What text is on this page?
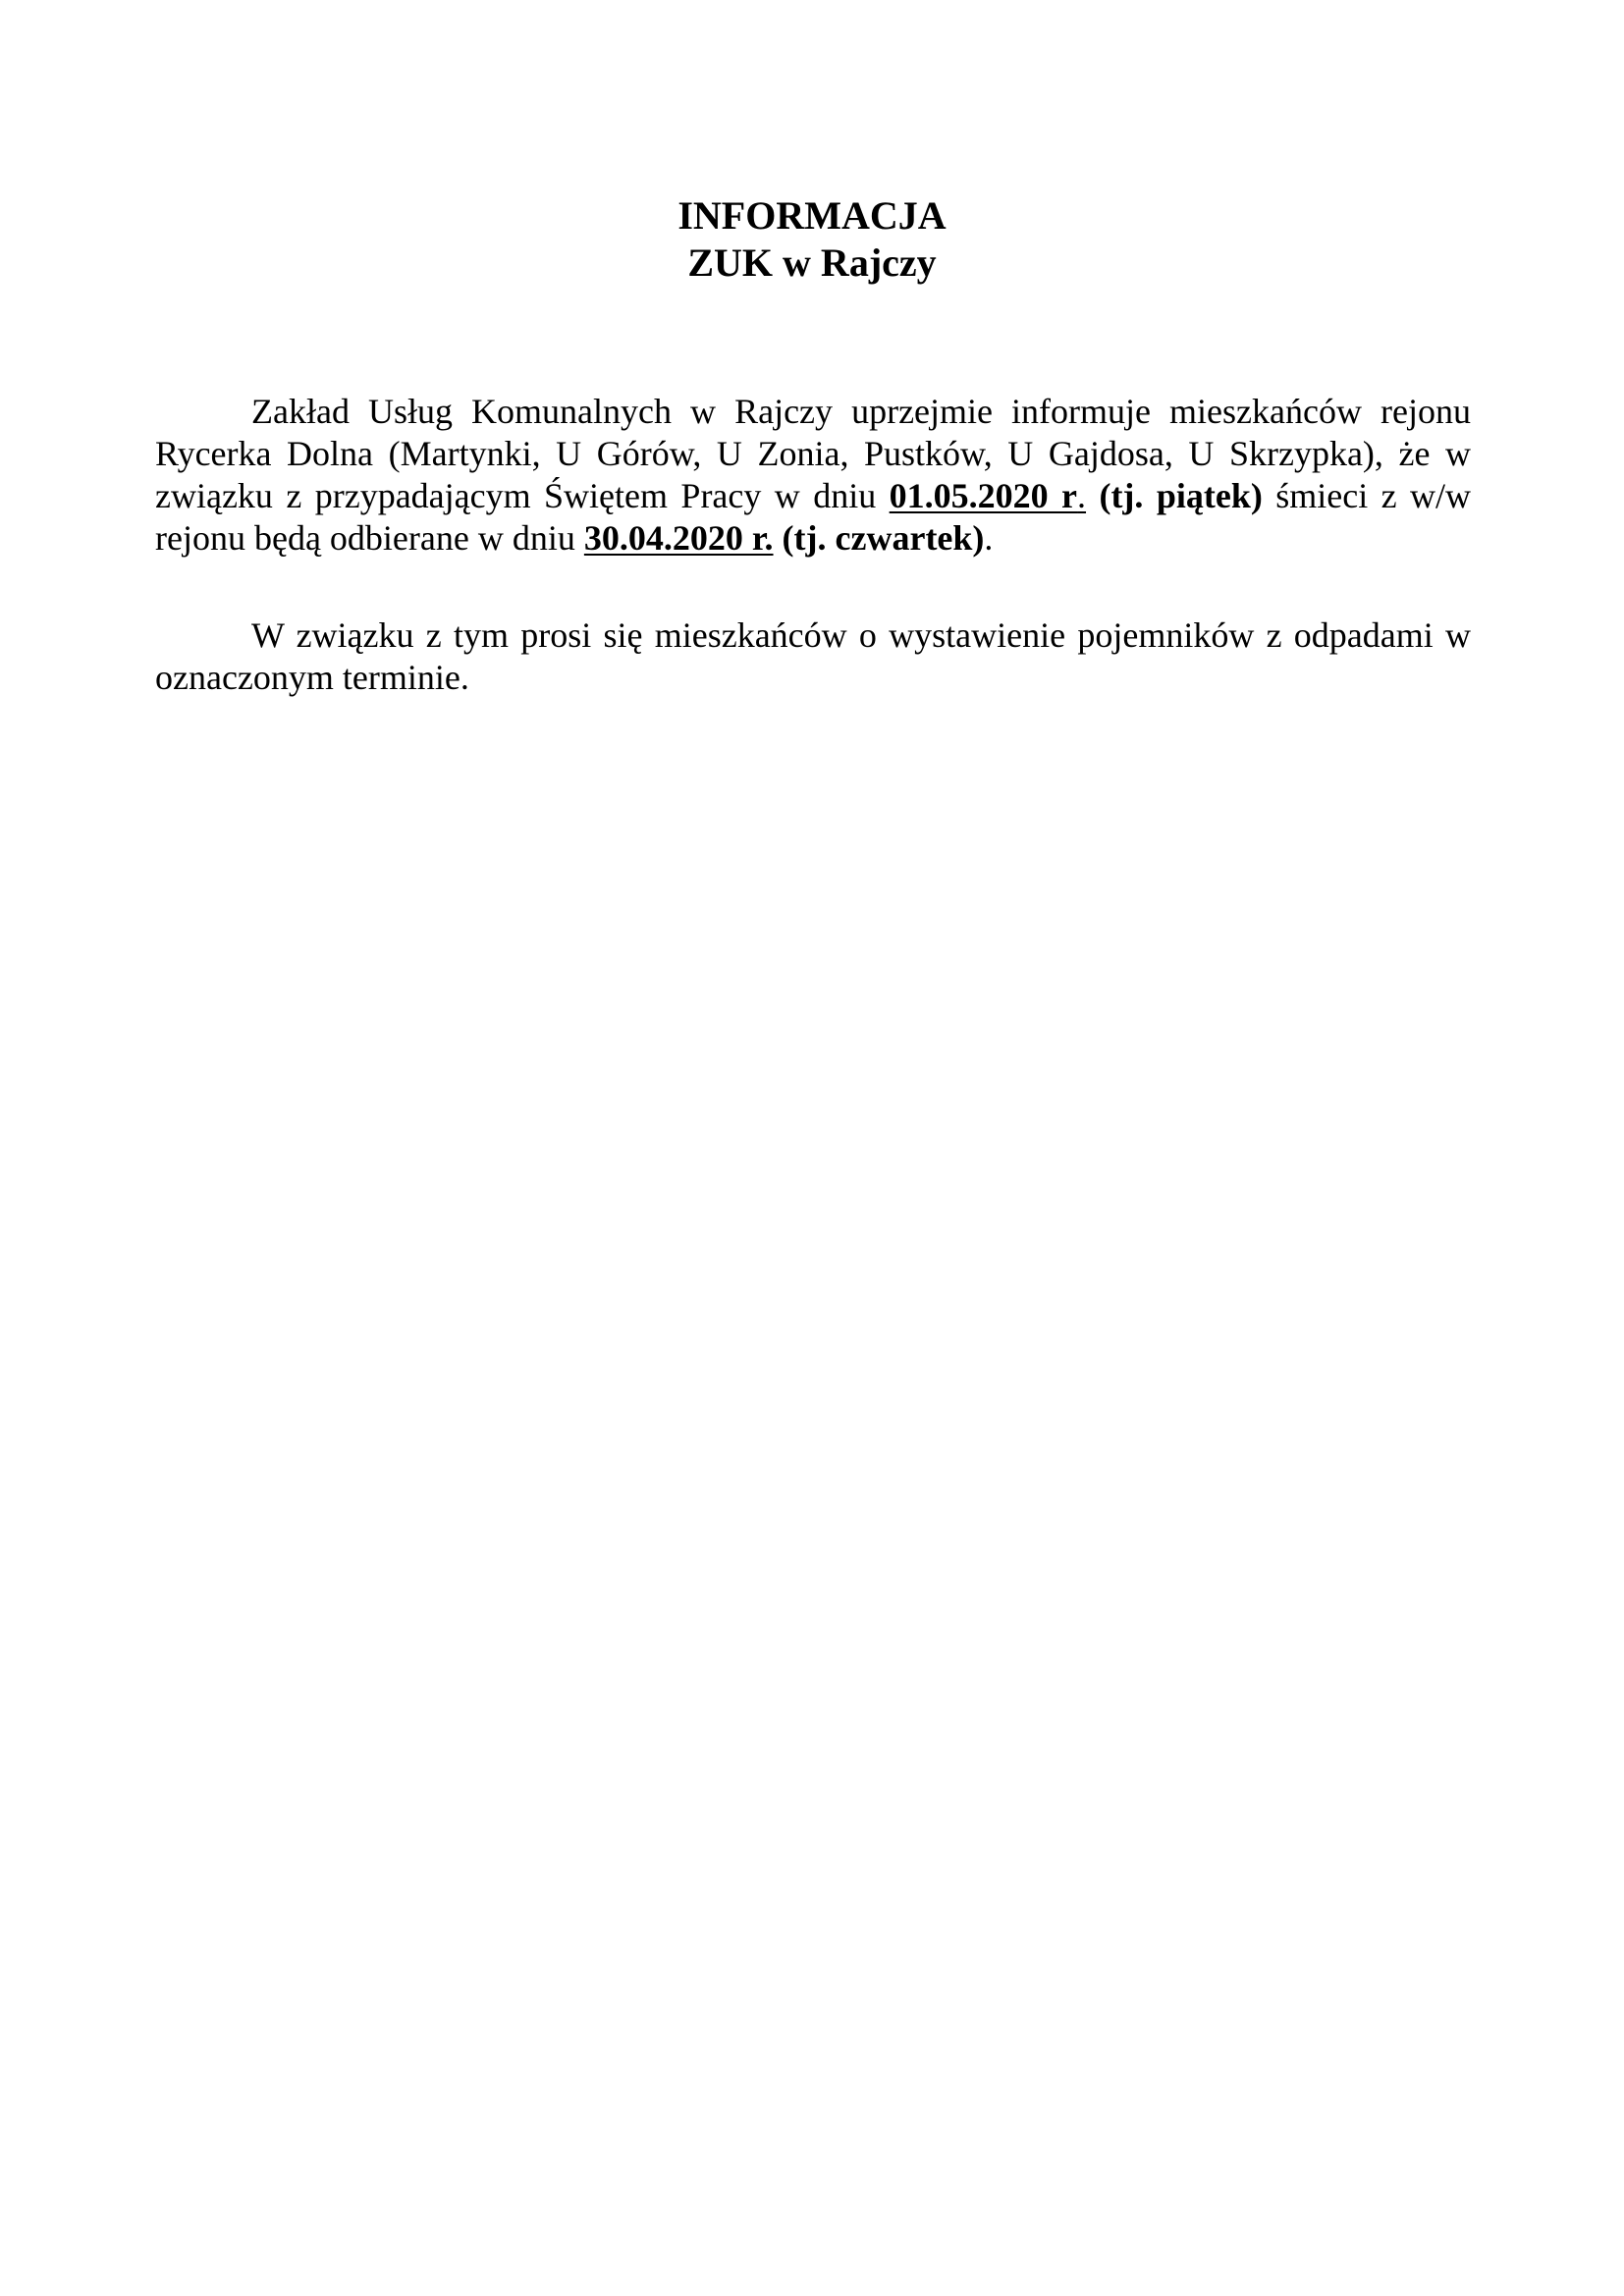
INFORMACJA
ZUK w Rajczy

Zakład Usług Komunalnych w Rajczy uprzejmie informuje mieszkańców rejonu Rycerka Dolna (Martynki, U Górów, U Zonia, Pustków, U Gajdosa, U Skrzypka), że w związku z przypadającym Świętem Pracy w dniu 01.05.2020 r. (tj. piątek) śmieci z w/w rejonu będą odbierane w dniu 30.04.2020 r. (tj. czwartek).

W związku z tym prosi się mieszkańców o wystawienie pojemników z odpadami w oznaczonym terminie.
